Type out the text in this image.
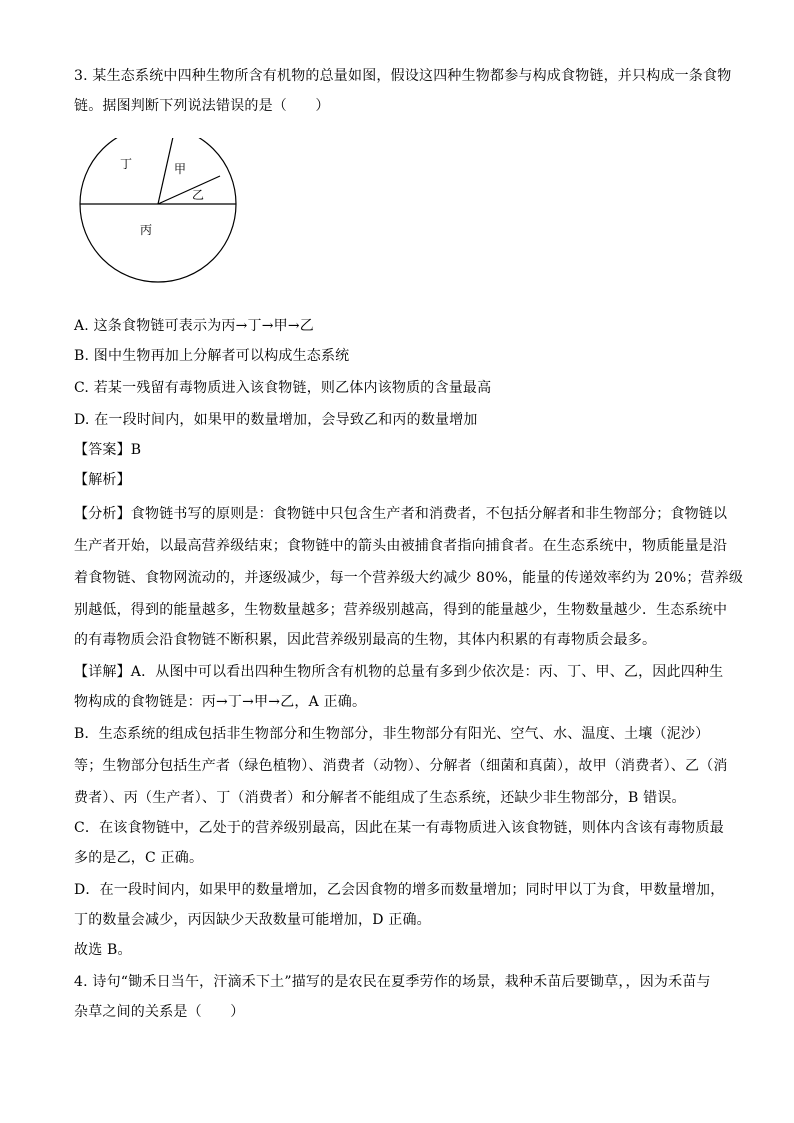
3. 某生态系统中四种生物所含有机物的总量如图，假设这四种生物都参与构成食物链，并只构成一条食物
链。据图判断下列说法错误的是（　　）
丁	甲
乙
丙
A. 这条食物链可表示为丙→丁→甲→乙
B. 图中生物再加上分解者可以构成生态系统
C. 若某一残留有毒物质进入该食物链，则乙体内该物质的含量最高
D. 在一段时间内，如果甲的数量增加，会导致乙和丙的数量增加
【答案】B
【解析】
【分析】食物链书写的原则是：食物链中只包含生产者和消费者，不包括分解者和非生物部分；食物链以
生产者开始，以最高营养级结束；食物链中的箭头由被捕食者指向捕食者。在生态系统中，物质能量是沿
着食物链、食物网流动的，并逐级减少，每一个营养级大约减少 80%，能量的传递效率约为 20%；营养级
别越低，得到的能量越多，生物数量越多；营养级别越高，得到的能量越少，生物数量越少．生态系统中
的有毒物质会沿食物链不断积累，因此营养级别最高的生物，其体内积累的有毒物质会最多。
【详解】A．从图中可以看出四种生物所含有机物的总量有多到少依次是：丙、丁、甲、乙，因此四种生
物构成的食物链是：丙→丁→甲→乙，A 正确。
B．生态系统的组成包括非生物部分和生物部分，非生物部分有阳光、空气、水、温度、土壤（泥沙）
等；生物部分包括生产者（绿色植物）、消费者（动物）、分解者（细菌和真菌），故甲（消费者）、乙（消
费者）、丙（生产者）、丁（消费者）和分解者不能组成了生态系统，还缺少非生物部分，B 错误。
C．在该食物链中，乙处于的营养级别最高，因此在某一有毒物质进入该食物链，则体内含该有毒物质最
多的是乙，C 正确。
D．在一段时间内，如果甲的数量增加，乙会因食物的增多而数量增加；同时甲以丁为食，甲数量增加，
丁的数量会减少，丙因缺少天敌数量可能增加，D 正确。
故选 B。
4. 诗句“锄禾日当午，汗滴禾下土”描写的是农民在夏季劳作的场景，栽种禾苗后要锄草，，因为禾苗与
杂草之间的关系是（　　）
